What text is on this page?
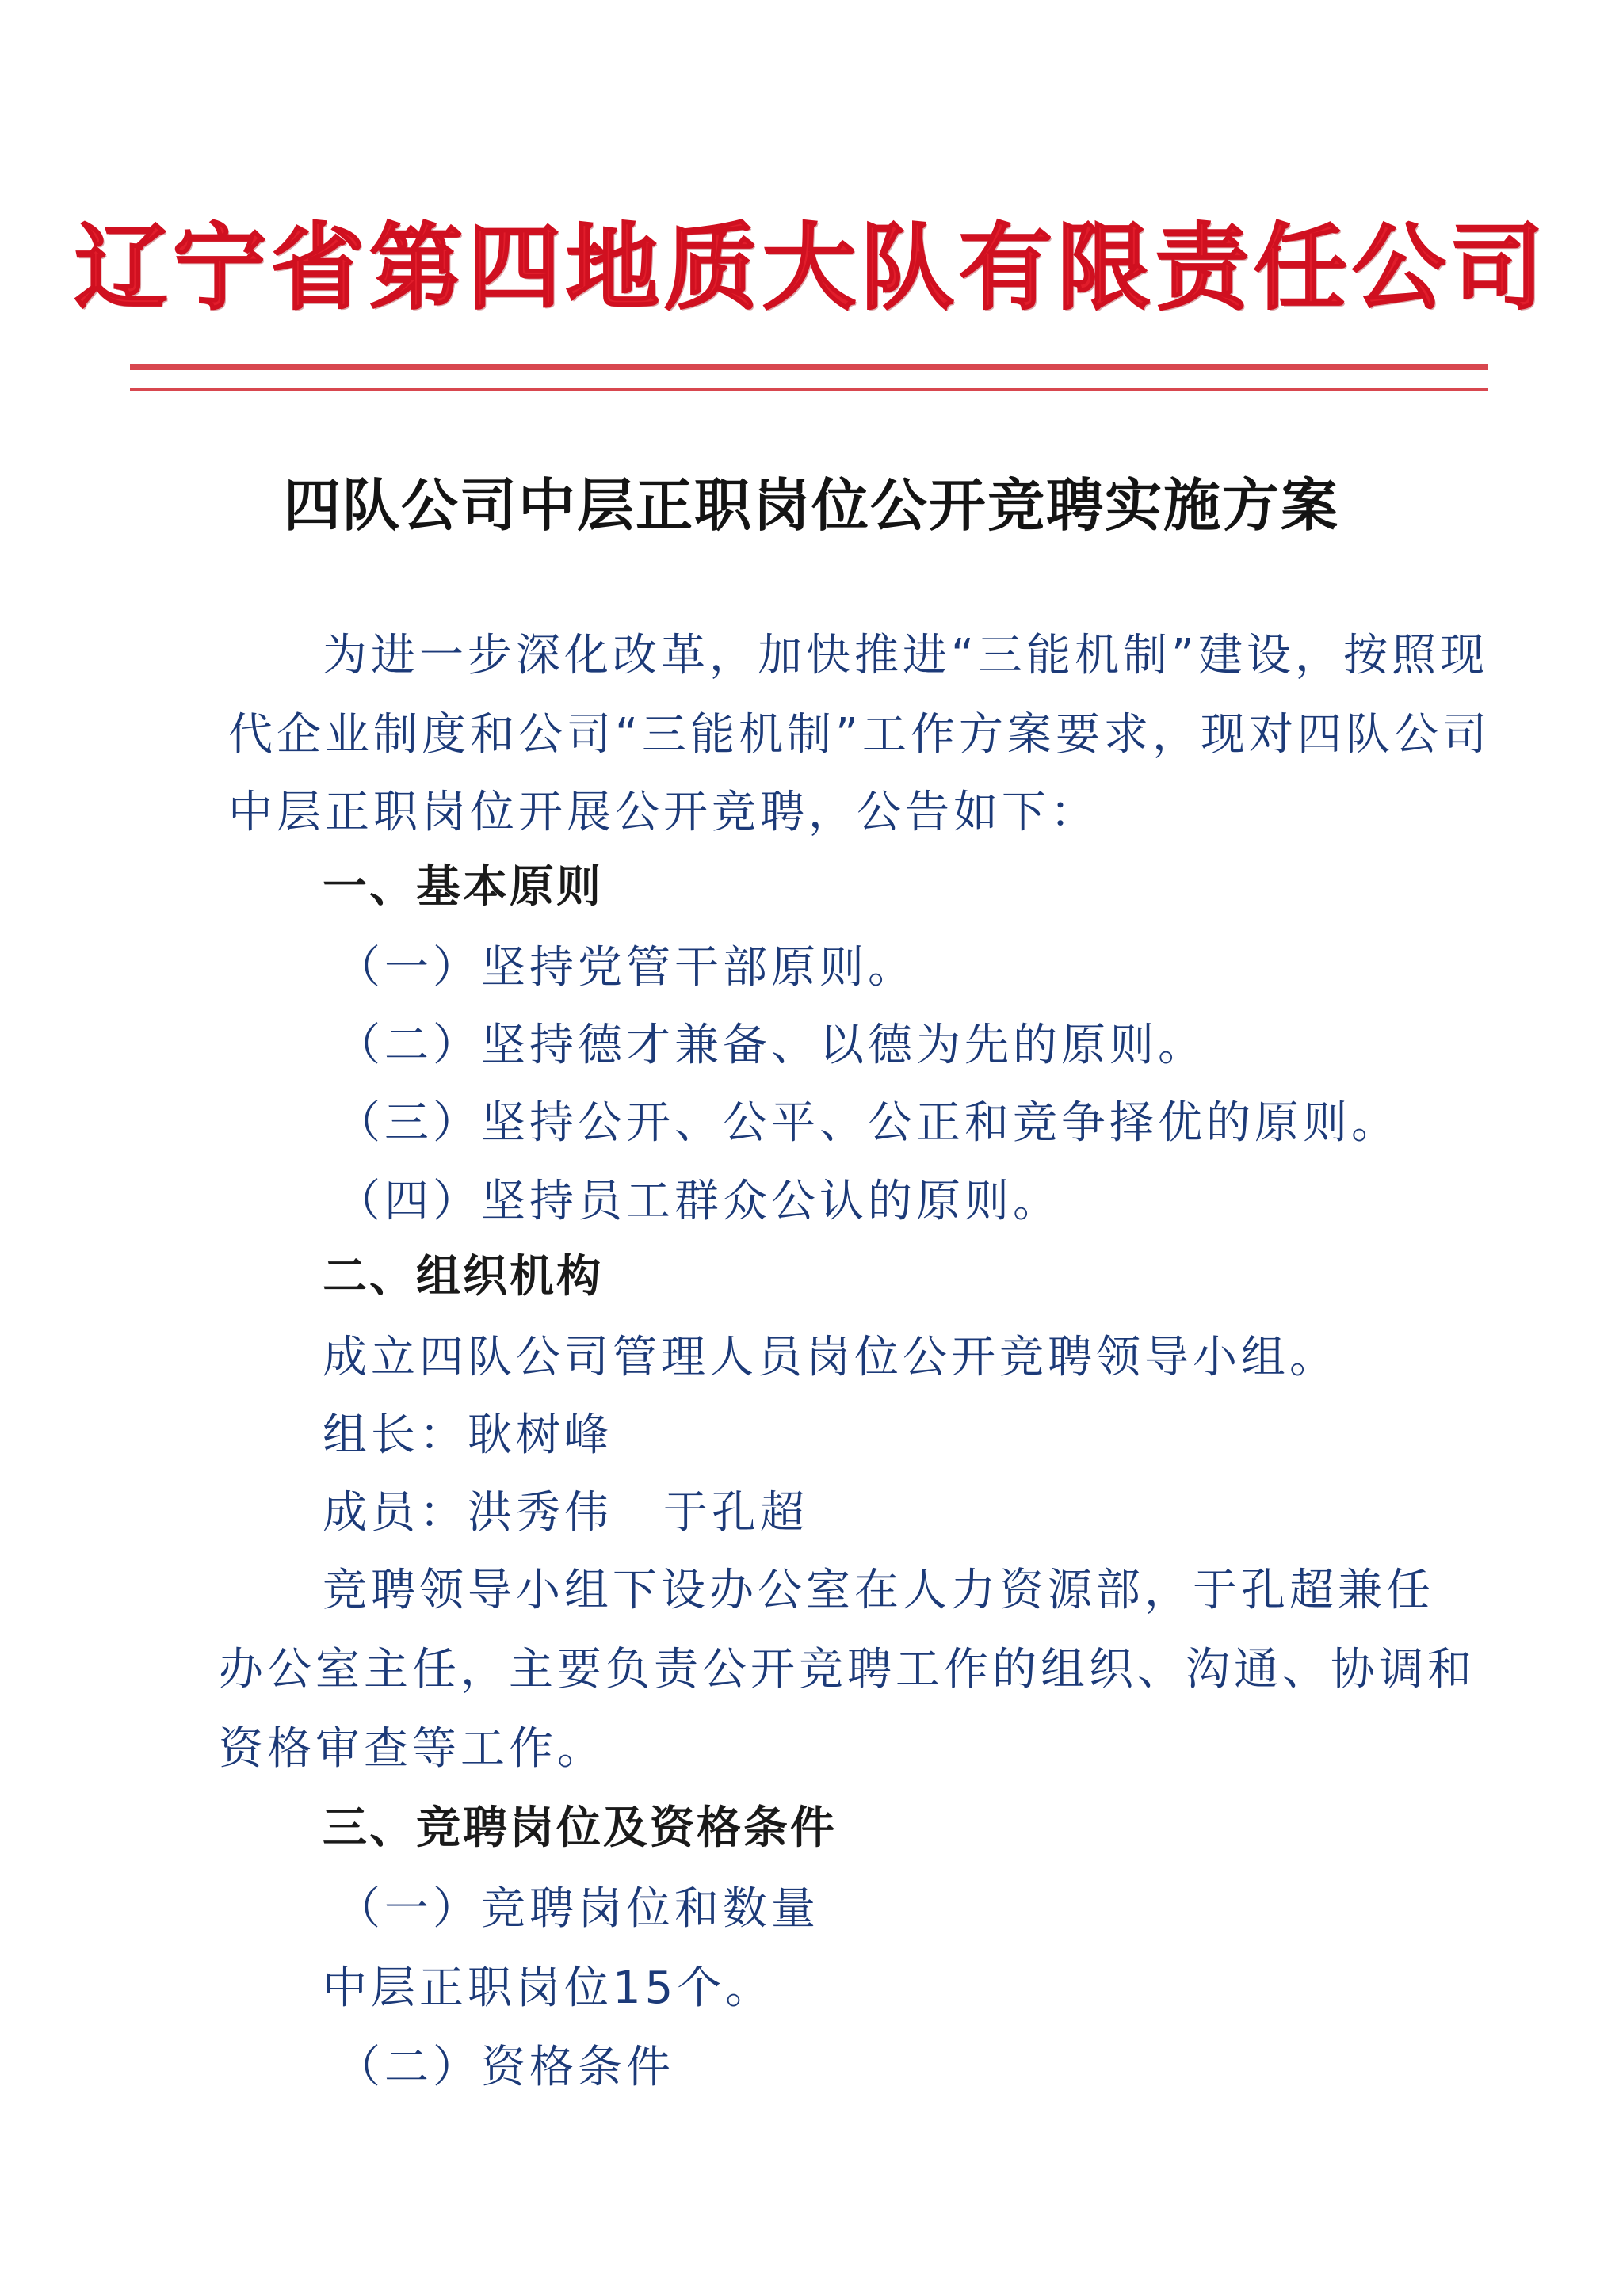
辽宁省第四地质大队有限责任公司
四队公司中层正职岗位公开竞聘实施方案
为进一步深化改革，加快推进“三能机制”建设，按照现
代企业制度和公司“三能机制”工作方案要求，现对四队公司
中层正职岗位开展公开竞聘，公告如下：
一、基本原则
（一）坚持党管干部原则。
（二）坚持德才兼备、以德为先的原则。
（三）坚持公开、公平、公正和竞争择优的原则。
（四）坚持员工群众公认的原则。
二、组织机构
成立四队公司管理人员岗位公开竞聘领导小组。
组长：耿树峰
成员：洪秀伟 于孔超
竞聘领导小组下设办公室在人力资源部，于孔超兼任
办公室主任，主要负责公开竞聘工作的组织、沟通、协调和
资格审查等工作。
三、竞聘岗位及资格条件
（一）竞聘岗位和数量
中层正职岗位15个。
（二）资格条件
